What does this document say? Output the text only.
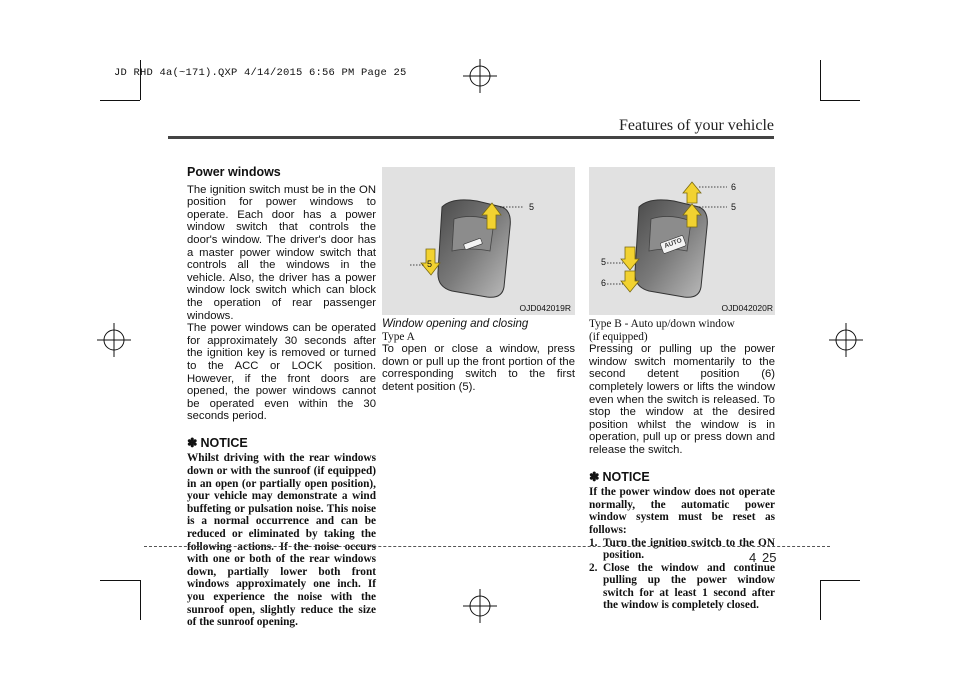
JD RHD 4a(~171).QXP 4/14/2015 6:56 PM Page 25
Features of your vehicle
Power windows

The ignition switch must be in the ON position for power windows to operate. Each door has a power window switch that controls the door's window. The driver's door has a master power window switch that controls all the windows in the vehicle. Also, the driver has a power window lock switch which can block the operation of rear passenger windows.

The power windows can be operated for approximately 30 seconds after the ignition key is removed or turned to the ACC or LOCK position. However, if the front doors are opened, the power windows cannot be operated even within the 30 seconds period.

✽ NOTICE

Whilst driving with the rear windows down or with the sunroof (if equipped) in an open (or partially open position), your vehicle may demonstrate a wind buffeting or pulsation noise. This noise is a normal occurrence and can be reduced or eliminated by taking the following actions. If the noise occurs with one or both of the rear windows down, partially lower both front windows approximately one inch. If you experience the noise with the sunroof open, slightly reduce the size of the sunroof opening.

5
5
OJD042019R

Window opening and closing

Type A

To open or close a window, press down or pull up the front portion of the corresponding switch to the first detent position (5).

6
5
5
6
AUTO
OJD042020R

Type B - Auto up/down window

(if equipped)

Pressing or pulling up the power window switch momentarily to the second detent position (6) completely lowers or lifts the window even when the switch is released. To stop the window at the desired position whilst the window is in operation, pull up or press down and release the switch.

✽ NOTICE

If the power window does not operate normally, the automatic power window system must be reset as follows:

1. Turn the ignition switch to the ON position.
2. Close the window and continue pulling up the power window switch for at least 1 second after the window is completely closed.
4 25
